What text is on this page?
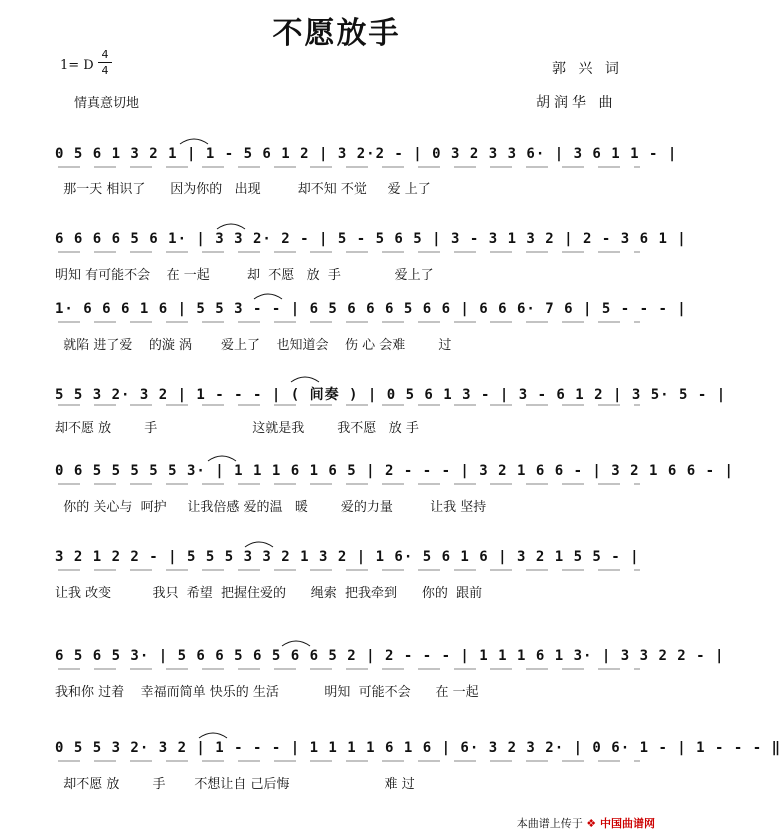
不愿放手
1= D
4
4
情真意切地
郭 兴 词
胡润华 曲
0 5 6 1 3 2 1 | 1 - 5 6 1 2 | 3 2·2 - | 0 3 2 3 3 6· | 3 6 1 1 - |
那一天 相识了      因为你的   出现         却不知 不觉     爱 上了
6 6 6 6 5 6 1· | 3 3 2· 2 - | 5 - 5 6 5 | 3 - 3 1 3 2 | 2 - 3 6 1 |
明知 有可能不会    在 一起         却  不愿   放  手             爱上了
1· 6 6 6 1 6 | 5 5 3 - - | 6 5 6 6 6 5 6 6 | 6 6 6· 7 6 | 5 - - - |
就陷 进了爱    的漩 涡       爱上了    也知道会    伤 心 会难        过
5 5 3 2· 3 2 | 1 - - - | ( 间奏 ) | 0 5 6 1 3 - | 3 - 6 1 2 | 3 5· 5 - |
却不愿 放        手                       这就是我        我不愿   放 手
0 6 5 5 5 5 5 3· | 1 1 1 6 1 6 5 | 2 - - - | 3 2 1 6 6 - | 3 2 1 6 6 - |
你的 关心与  呵护     让我倍感 爱的温   暖        爱的力量         让我 坚持
3 2 1 2 2 - | 5 5 5 3 3 2 1 3 2 | 1 6· 5 6 1 6 | 3 2 1 5 5 - |
让我 改变          我只  希望  把握住爱的      绳索  把我牵到      你的  跟前
6 5 6 5 3· | 5 6 6 5 6 5 6 6 5 2 | 2 - - - | 1 1 1 6 1 3· | 3 3 2 2 - |
我和你 过着    幸福而简单 快乐的 生活           明知  可能不会      在 一起
0 5 5 3 2· 3 2 | 1 - - - | 1 1 1 1 6 1 6 | 6· 3 2 3 2· | 0 6· 1 - | 1 - - - ‖
却不愿 放        手       不想让自 己后悔                       难 过
本曲谱上传于 ❖ 中国曲谱网
